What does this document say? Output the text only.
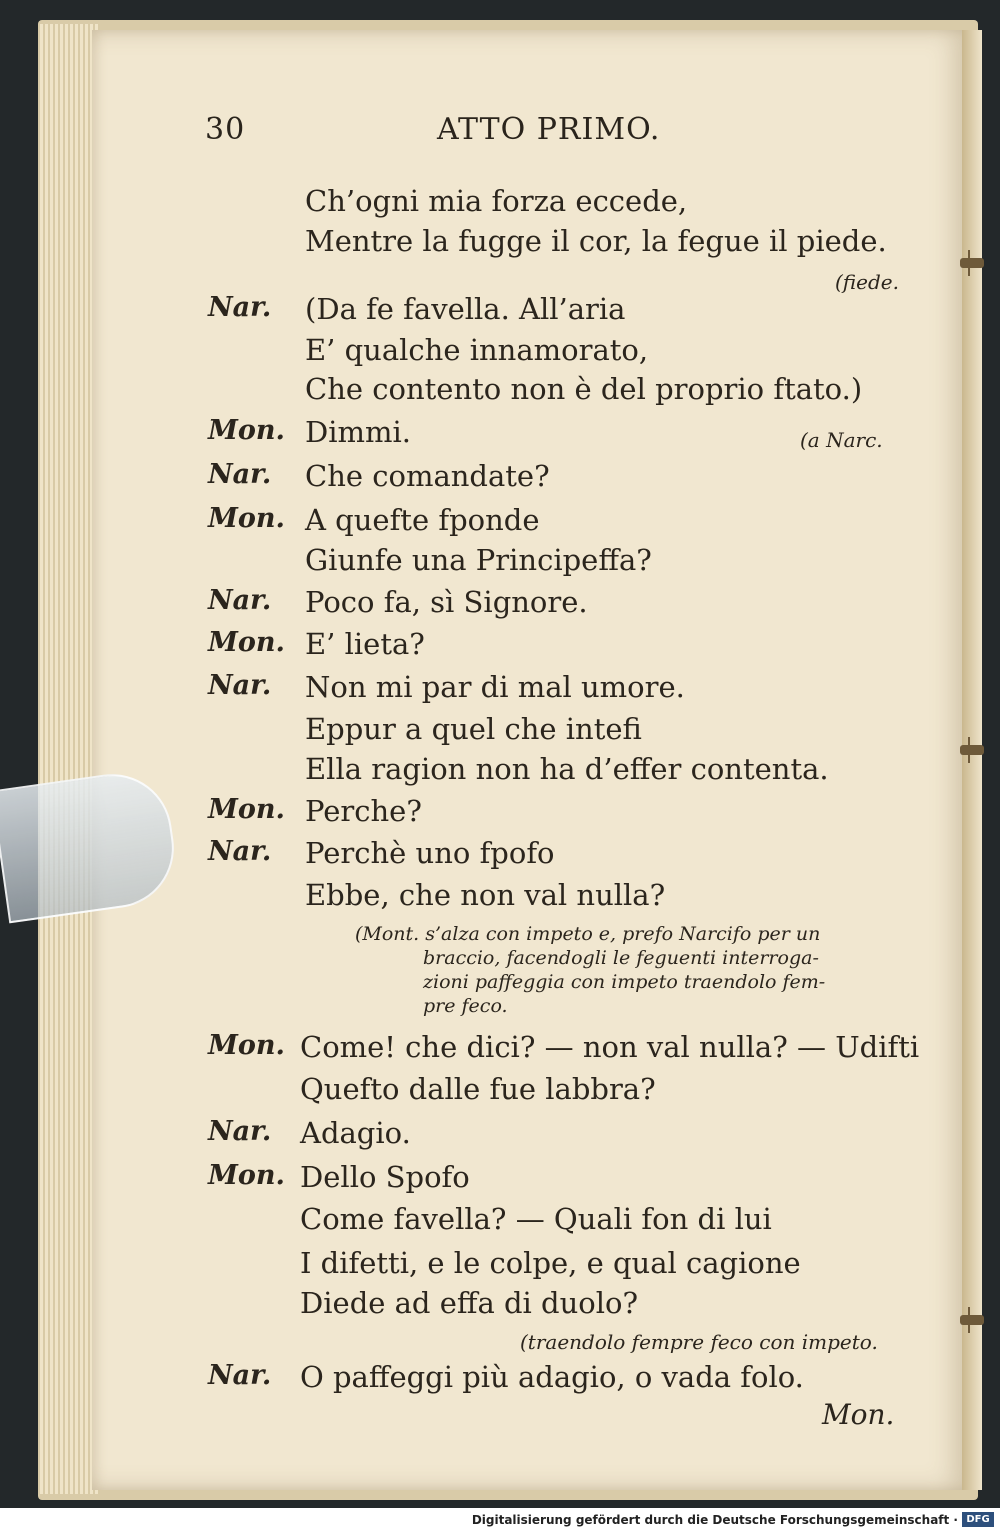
30	ATTO PRIMO.
Ch’ogni mia forza eccede,
Mentre la fugge il cor, la fegue il piede.
(fiede.
Nar. (Da fe favella. All’aria
E’ qualche innamorato,
Che contento non è del proprio ftato.)
Mon. Dimmi.	(a Narc.
Nar. Che comandate?
Mon. A quefte fponde
Giunfe una Principeffa?
Nar. Poco fa, sì Signore.
Mon. E’ lieta?
Nar. Non mi par di mal umore.
Eppur a quel che intefi
Ella ragion non ha d’effer contenta.
Mon. Perche?
Nar. Perchè uno fpofo
Ebbe, che non val nulla?
(Mont. s’alza con impeto e, prefo Narcifo per un
braccio, facendogli le feguenti interroga-
zioni paffeggia con impeto traendolo fem-
pre feco.
Mon. Come! che dici? — non val nulla? — Udifti
Quefto dalle fue labbra?
Nar. Adagio.
Mon. Dello Spofo
Come favella? — Quali fon di lui
I difetti, e le colpe, e qual cagione
Diede ad effa di duolo?
(traendolo fempre feco con impeto.
Nar. O paffeggi più adagio, o vada folo.
Mon.
Digitalisierung gefördert durch die Deutsche Forschungsgemeinschaft · DFG
